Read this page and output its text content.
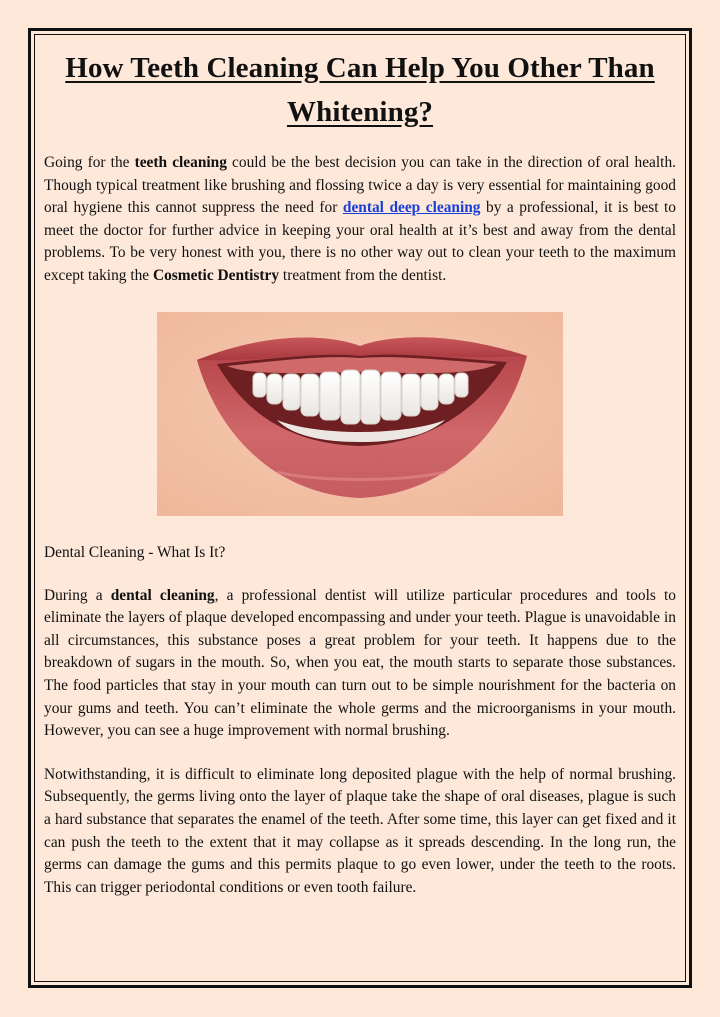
How Teeth Cleaning Can Help You Other Than Whitening?

Going for the teeth cleaning could be the best decision you can take in the direction of oral health. Though typical treatment like brushing and flossing twice a day is very essential for maintaining good oral hygiene this cannot suppress the need for dental deep cleaning by a professional, it is best to meet the doctor for further advice in keeping your oral health at it’s best and away from the dental problems. To be very honest with you, there is no other way out to clean your teeth to the maximum except taking the Cosmetic Dentistry treatment from the dentist.

Dental Cleaning - What Is It?

During a dental cleaning, a professional dentist will utilize particular procedures and tools to eliminate the layers of plaque developed encompassing and under your teeth. Plague is unavoidable in all circumstances, this substance poses a great problem for your teeth. It happens due to the breakdown of sugars in the mouth. So, when you eat, the mouth starts to separate those substances. The food particles that stay in your mouth can turn out to be simple nourishment for the bacteria on your gums and teeth. You can’t eliminate the whole germs and the microorganisms in your mouth. However, you can see a huge improvement with normal brushing.

Notwithstanding, it is difficult to eliminate long deposited plague with the help of normal brushing. Subsequently, the germs living onto the layer of plaque take the shape of oral diseases, plague is such a hard substance that separates the enamel of the teeth. After some time, this layer can get fixed and it can push the teeth to the extent that it may collapse as it spreads descending. In the long run, the germs can damage the gums and this permits plaque to go even lower, under the teeth to the roots. This can trigger periodontal conditions or even tooth failure.
